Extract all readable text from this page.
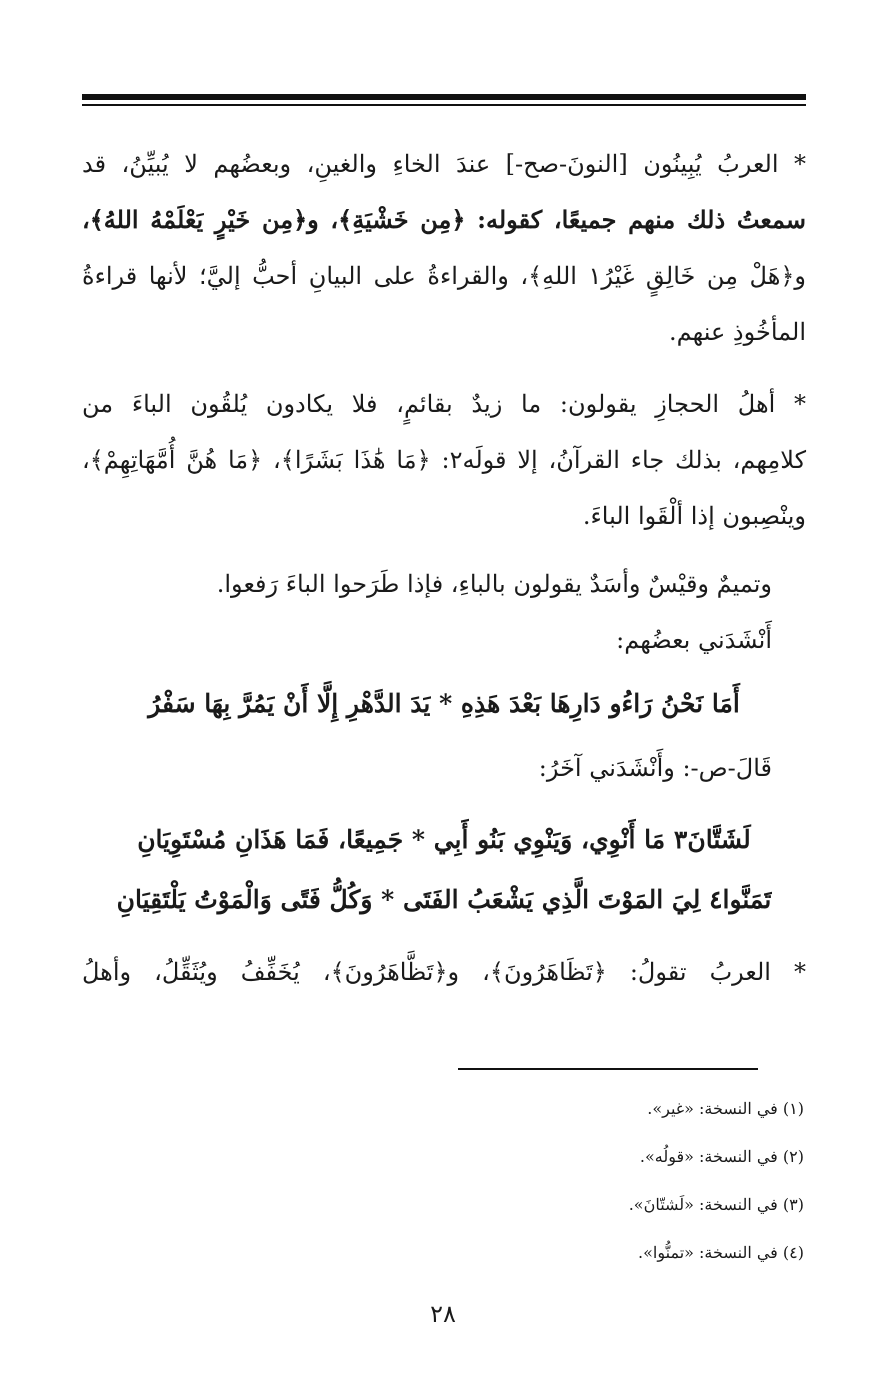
* العربُ يُبِينُون [النونَ-صح-] عندَ الخاءِ والغينِ، وبعضُهم لا يُبيِّنُ، قد
سمعتُ ذلك منهم جميعًا، كقوله: ﴿مِن خَشْيَةِ﴾، و﴿مِن خَيْرٍ يَعْلَمْهُ اللهُ﴾،
و﴿هَلْ مِن خَالِقٍ غَيْرُ١ اللهِ﴾، والقراءةُ على البيانِ أحبُّ إليَّ؛ لأنها قراءةُ
المأخُوذِ عنهم.
* أهلُ الحجازِ يقولون: ما زيدٌ بقائمٍ، فلا يكادون يُلقُون الباءَ من
كلامِهم، بذلك جاء القرآنُ، إلا قولَه٢: ﴿مَا هَٰذَا بَشَرًا﴾، ﴿مَا هُنَّ أُمَّهَاتِهِمْ﴾،
وينْصِبون إذا ألْقَوا الباءَ.
وتميمٌ وقيْسٌ وأسَدٌ يقولون بالباءِ، فإذا طَرَحوا الباءَ رَفعوا.
أَنْشَدَني بعضُهم:
أَمَا نَحْنُ رَاءُو دَارِهَا بَعْدَ هَذِهِ * يَدَ الدَّهْرِ إِلَّا أَنْ يَمُرَّ بِهَا سَفْرُ
قَالَ-ص-: وأَنْشَدَني آخَرُ:
لَشَتَّانَ٣ مَا أَنْوِي، وَيَنْوِي بَنُو أَبِي * جَمِيعًا، فَمَا هَذَانِ مُسْتَوِيَانِ
تَمَنَّوا٤ لِيَ المَوْتَ الَّذِي يَشْعَبُ الفَتَى * وَكُلُّ فَتًى وَالْمَوْتُ يَلْتَقِيَانِ
* العربُ تقولُ: ﴿تَظَاهَرُونَ﴾، و﴿تَظَّاهَرُونَ﴾، يُخَفِّفُ ويُثَقِّلُ، وأهلُ
(١) في النسخة: «غير».
(٢) في النسخة: «قولُه».
(٣) في النسخة: «لَشتّانَ».
(٤) في النسخة: «تمنُّوا».
٢٨
